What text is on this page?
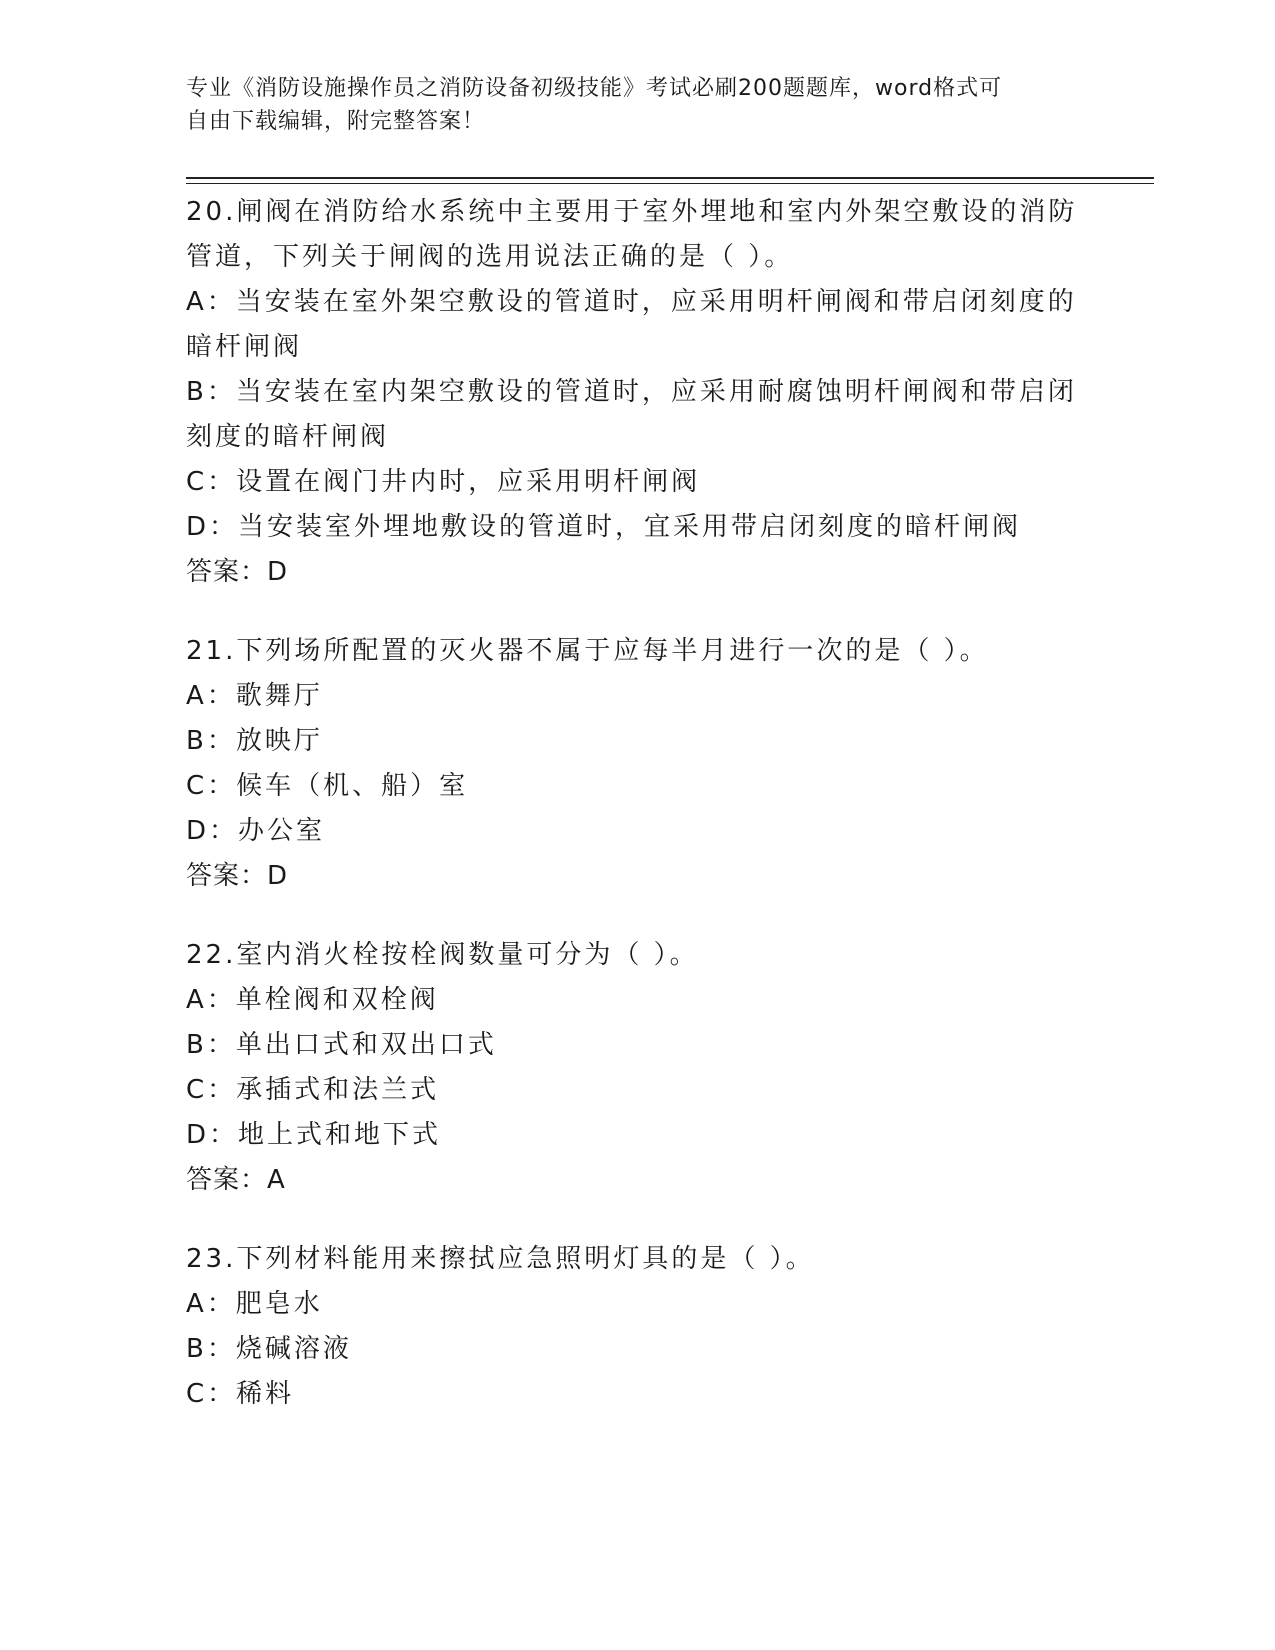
专业《消防设施操作员之消防设备初级技能》考试必刷200题题库，word格式可
自由下载编辑，附完整答案！
20.闸阀在消防给水系统中主要用于室外埋地和室内外架空敷设的消防
管道，下列关于闸阀的选用说法正确的是（ ）。
A：当安装在室外架空敷设的管道时，应采用明杆闸阀和带启闭刻度的
暗杆闸阀
B：当安装在室内架空敷设的管道时，应采用耐腐蚀明杆闸阀和带启闭
刻度的暗杆闸阀
C：设置在阀门井内时，应采用明杆闸阀
D：当安装室外埋地敷设的管道时，宜采用带启闭刻度的暗杆闸阀
答案：D
21.下列场所配置的灭火器不属于应每半月进行一次的是（ ）。
A：歌舞厅
B：放映厅
C：候车（机、船）室
D：办公室
答案：D
22.室内消火栓按栓阀数量可分为（ ）。
A：单栓阀和双栓阀
B：单出口式和双出口式
C：承插式和法兰式
D：地上式和地下式
答案：A
23.下列材料能用来擦拭应急照明灯具的是（ ）。
A：肥皂水
B：烧碱溶液
C：稀料
